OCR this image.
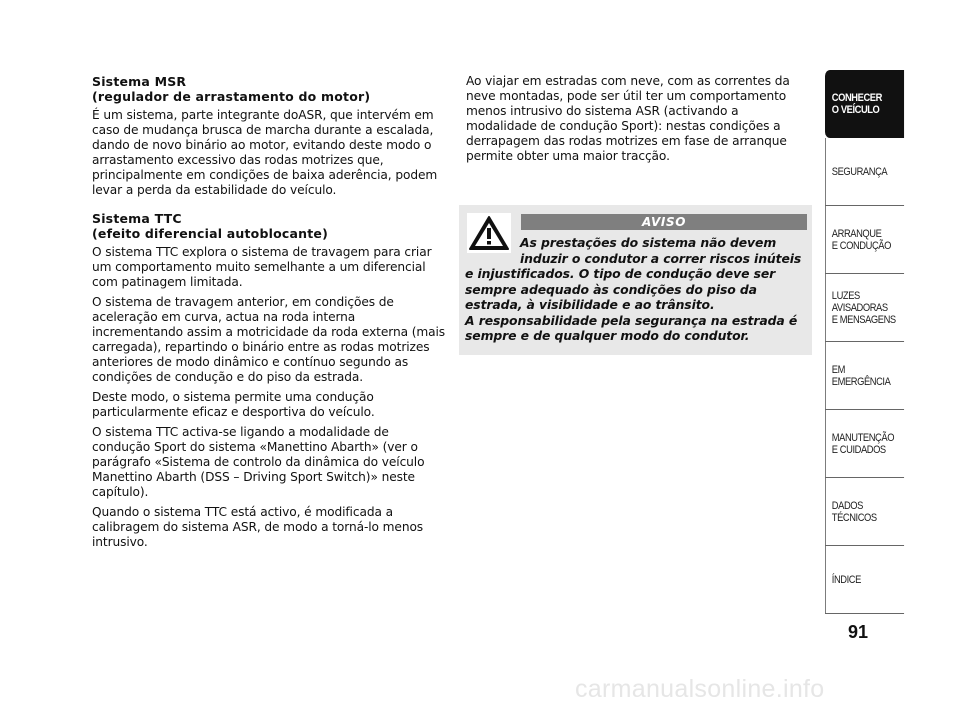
Sistema MSR
(regulador de arrastamento do motor)

É um sistema, parte integrante doASR, que intervém em caso de mudança brusca de marcha durante a escalada, dando de novo binário ao motor, evitando deste modo o arrastamento excessivo das rodas motrizes que, principalmente em condições de baixa aderência, podem levar a perda da estabilidade do veículo.

Sistema TTC
(efeito diferencial autoblocante)

O sistema TTC explora o sistema de travagem para criar um comportamento muito semelhante a um diferencial com patinagem limitada.

O sistema de travagem anterior, em condições de aceleração em curva, actua na roda interna incrementando assim a motricidade da roda externa (mais carregada), repartindo o binário entre as rodas motrizes anteriores de modo dinâmico e contínuo segundo as condições de condução e do piso da estrada.

Deste modo, o sistema permite uma condução particularmente eficaz e desportiva do veículo.

O sistema TTC activa-se ligando a modalidade de condução Sport do sistema «Manettino Abarth» (ver o parágrafo «Sistema de controlo da dinâmica do veículo Manettino Abarth (DSS – Driving Sport Switch)» neste capítulo).

Quando o sistema TTC está activo, é modificada a calibragem do sistema ASR, de modo a torná-lo menos intrusivo.

Ao viajar em estradas com neve, com as correntes da neve montadas, pode ser útil ter um comportamento menos intrusivo do sistema ASR (activando a modalidade de condução Sport): nestas condições a derrapagem das rodas motrizes em fase de arranque permite obter uma maior tracção.

AVISO

As prestações do sistema não devem induzir o condutor a correr riscos inúteis
e injustificados. O tipo de condução deve ser sempre adequado às condições do piso da estrada, à visibilidade e ao trânsito.
A responsabilidade pela segurança na estrada é sempre e de qualquer modo do condutor.

CONHECER
O VEÍCULO
SEGURANÇA
ARRANQUE
E CONDUÇÃO
LUZES
AVISADORAS
E MENSAGENS
EM EMERGÊNCIA
MANUTENÇÃO
E CUIDADOS
DADOS
TÉCNICOS
ÍNDICE
91
carmanualsonline.info
